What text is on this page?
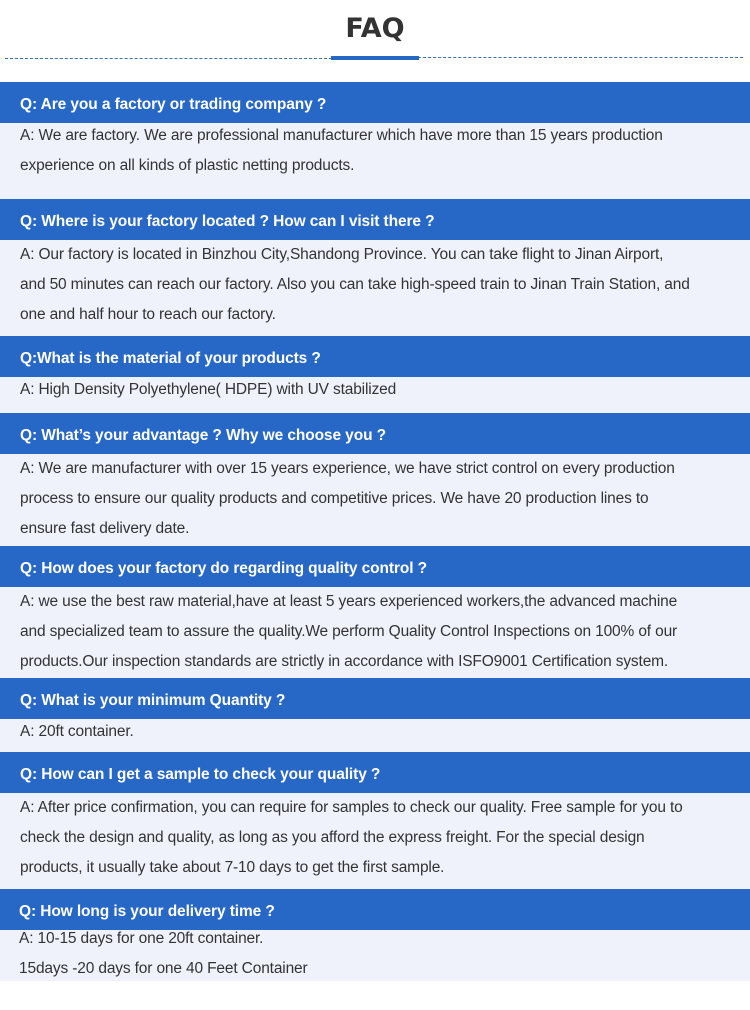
FAQ
Q: Are you a factory or trading company ?
A: We are factory. We are professional manufacturer which have more than 15 years production
experience on all kinds of plastic netting products.
Q: Where is your factory located ? How can I visit there ?
A: Our factory is located in Binzhou City,Shandong Province. You can take flight to Jinan Airport,
and 50 minutes can reach our factory. Also you can take high-speed train to Jinan Train Station, and
one and half hour to reach our factory.
Q:What is the material of your products ?
A: High Density Polyethylene( HDPE) with UV stabilized
Q: What’s your advantage ? Why we choose you ?
A: We are manufacturer with over 15 years experience, we have strict control on every production
process to ensure our quality products and competitive prices. We have 20 production lines to
ensure fast delivery date.
Q: How does your factory do regarding quality control ?
A: we use the best raw material,have at least 5 years experienced workers,the advanced machine
and specialized team to assure the quality.We perform Quality Control Inspections on 100% of our
products.Our inspection standards are strictly in accordance with ISFO9001 Certification system.
Q: What is your minimum Quantity ?
A: 20ft container.
Q: How can I get a sample to check your quality ?
A: After price confirmation, you can require for samples to check our quality. Free sample for you to
check the design and quality, as long as you afford the express freight. For the special design
products, it usually take about 7-10 days to get the first sample.
Q: How long is your delivery time ?
A: 10-15 days for one 20ft container.
15days -20 days for one 40 Feet Container
